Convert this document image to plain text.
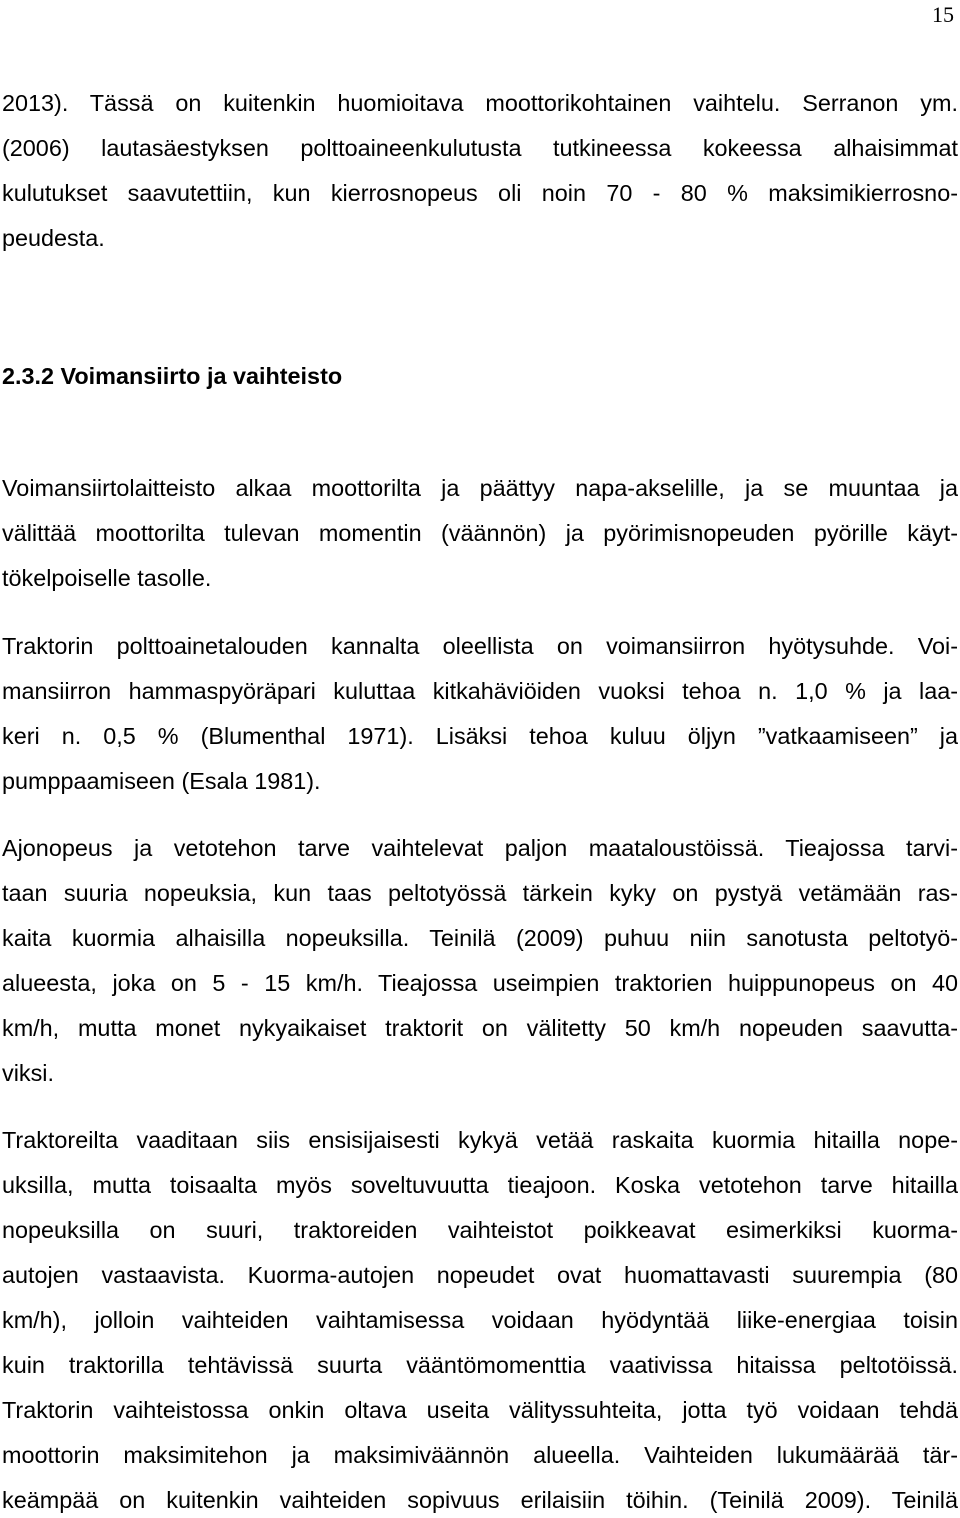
15
2013). Tässä on kuitenkin huomioitava moottorikohtainen vaihtelu. Serranon ym.
(2006) lautasäestyksen polttoaineenkulutusta tutkineessa kokeessa alhaisimmat
kulutukset saavutettiin, kun kierrosnopeus oli noin 70 - 80 % maksimikierrosno-
peudesta.
2.3.2 Voimansiirto ja vaihteisto
Voimansiirtolaitteisto alkaa moottorilta ja päättyy napa-akselille, ja se muuntaa ja
välittää moottorilta tulevan momentin (väännön) ja pyörimisnopeuden pyörille käyt-
tökelpoiselle tasolle.
Traktorin polttoainetalouden kannalta oleellista on voimansiirron hyötysuhde. Voi-
mansiirron hammaspyöräpari kuluttaa kitkahäviöiden vuoksi tehoa n. 1,0 % ja laa-
keri n. 0,5 % (Blumenthal 1971). Lisäksi tehoa kuluu öljyn ”vatkaamiseen” ja
pumppaamiseen (Esala 1981).
Ajonopeus ja vetotehon tarve vaihtelevat paljon maataloustöissä. Tieajossa tarvi-
taan suuria nopeuksia, kun taas peltotyössä tärkein kyky on pystyä vetämään ras-
kaita kuormia alhaisilla nopeuksilla. Teinilä (2009) puhuu niin sanotusta peltotyö-
alueesta, joka on 5 - 15 km/h. Tieajossa useimpien traktorien huippunopeus on 40
km/h, mutta monet nykyaikaiset traktorit on välitetty 50 km/h nopeuden saavutta-
viksi.
Traktoreilta vaaditaan siis ensisijaisesti kykyä vetää raskaita kuormia hitailla nope-
uksilla, mutta toisaalta myös soveltuvuutta tieajoon. Koska vetotehon tarve hitailla
nopeuksilla on suuri, traktoreiden vaihteistot poikkeavat esimerkiksi kuorma-
autojen vastaavista. Kuorma-autojen nopeudet ovat huomattavasti suurempia (80
km/h), jolloin vaihteiden vaihtamisessa voidaan hyödyntää liike-energiaa toisin
kuin traktorilla tehtävissä suurta vääntömomenttia vaativissa hitaissa peltotöissä.
Traktorin vaihteistossa onkin oltava useita välityssuhteita, jotta työ voidaan tehdä
moottorin maksimitehon ja maksimiväännön alueella. Vaihteiden lukumäärää tär-
keämpää on kuitenkin vaihteiden sopivuus erilaisiin töihin. (Teinilä 2009). Teinilä
